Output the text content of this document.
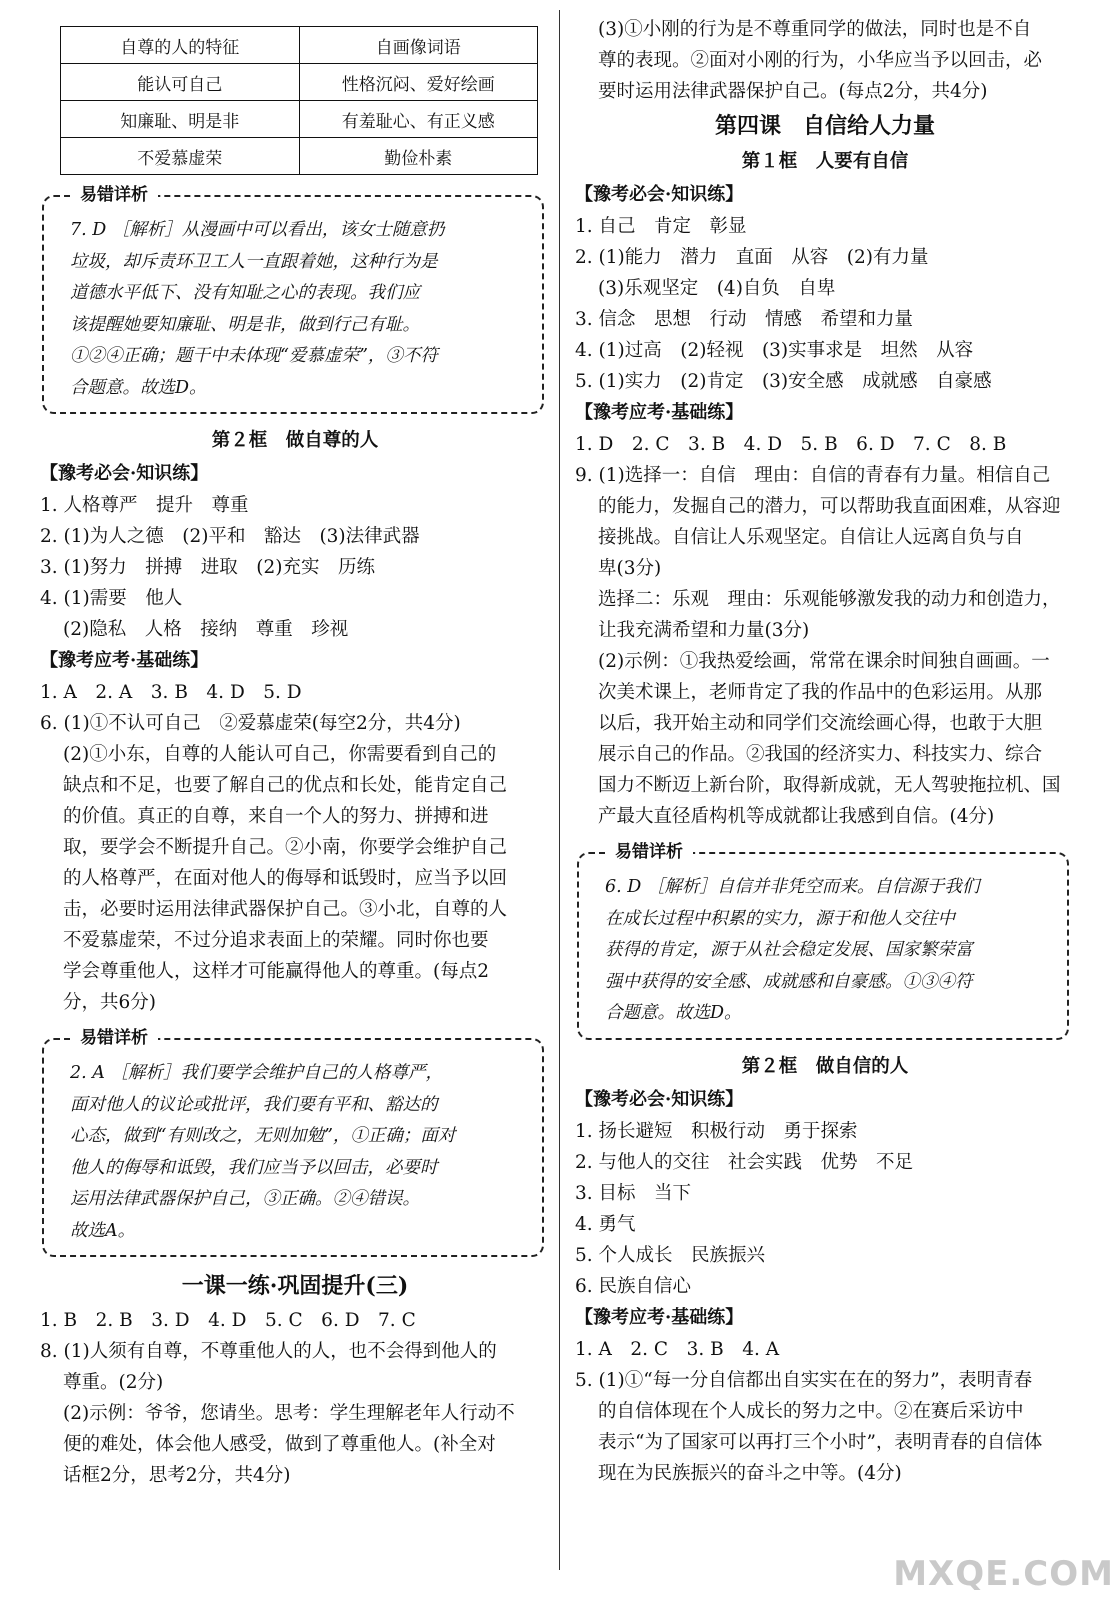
自尊的人的特征	自画像词语
能认可自己	性格沉闷、爱好绘画
知廉耻、明是非	有羞耻心、有正义感
不爱慕虚荣	勤俭朴素
易错详析
7. D ［解析］从漫画中可以看出，该女士随意扔
垃圾，却斥责环卫工人一直跟着她，这种行为是
道德水平低下、没有知耻之心的表现。我们应
该提醒她要知廉耻、明是非，做到行己有耻。
①②④正确；题干中未体现“爱慕虚荣”，③不符
合题意。故选D。
第２框　做自尊的人
【豫考必会·知识练】
1. 人格尊严　提升　尊重
2. (1)为人之德　(2)平和　豁达　(3)法律武器
3. (1)努力　拼搏　进取　(2)充实　历练
4. (1)需要　他人
(2)隐私　人格　接纳　尊重　珍视
【豫考应考·基础练】
1. A　2. A　3. B　4. D　5. D
6. (1)①不认可自己　②爱慕虚荣(每空2分，共4分)
(2)①小东，自尊的人能认可自己，你需要看到自己的
缺点和不足，也要了解自己的优点和长处，能肯定自己
的价值。真正的自尊，来自一个人的努力、拼搏和进
取，要学会不断提升自己。②小南，你要学会维护自己
的人格尊严，在面对他人的侮辱和诋毁时，应当予以回
击，必要时运用法律武器保护自己。③小北，自尊的人
不爱慕虚荣，不过分追求表面上的荣耀。同时你也要
学会尊重他人，这样才可能赢得他人的尊重。(每点2
分，共6分)
易错详析
2. A ［解析］我们要学会维护自己的人格尊严，
面对他人的议论或批评，我们要有平和、豁达的
心态，做到“有则改之，无则加勉”，①正确；面对
他人的侮辱和诋毁，我们应当予以回击，必要时
运用法律武器保护自己，③正确。②④错误。
故选A。
一课一练·巩固提升(三)
1. B　2. B　3. D　4. D　5. C　6. D　7. C
8. (1)人须有自尊，不尊重他人的人，也不会得到他人的
尊重。(2分)
(2)示例：爷爷，您请坐。思考：学生理解老年人行动不
便的难处，体会他人感受，做到了尊重他人。(补全对
话框2分，思考2分，共4分)
(3)①小刚的行为是不尊重同学的做法，同时也是不自
尊的表现。②面对小刚的行为，小华应当予以回击，必
要时运用法律武器保护自己。(每点2分，共4分)
第四课　自信给人力量
第１框　人要有自信
【豫考必会·知识练】
1. 自己　肯定　彰显
2. (1)能力　潜力　直面　从容　(2)有力量
(3)乐观坚定　(4)自负　自卑
3. 信念　思想　行动　情感　希望和力量
4. (1)过高　(2)轻视　(3)实事求是　坦然　从容
5. (1)实力　(2)肯定　(3)安全感　成就感　自豪感
【豫考应考·基础练】
1. D　2. C　3. B　4. D　5. B　6. D　7. C　8. B
9. (1)选择一：自信　理由：自信的青春有力量。相信自己
的能力，发掘自己的潜力，可以帮助我直面困难，从容迎
接挑战。自信让人乐观坚定。自信让人远离自负与自
卑(3分)
选择二：乐观　理由：乐观能够激发我的动力和创造力，
让我充满希望和力量(3分)
(2)示例：①我热爱绘画，常常在课余时间独自画画。一
次美术课上，老师肯定了我的作品中的色彩运用。从那
以后，我开始主动和同学们交流绘画心得，也敢于大胆
展示自己的作品。②我国的经济实力、科技实力、综合
国力不断迈上新台阶，取得新成就，无人驾驶拖拉机、国
产最大直径盾构机等成就都让我感到自信。(4分)
易错详析
6. D ［解析］自信并非凭空而来。自信源于我们
在成长过程中积累的实力，源于和他人交往中
获得的肯定，源于从社会稳定发展、国家繁荣富
强中获得的安全感、成就感和自豪感。①③④符
合题意。故选D。
第２框　做自信的人
【豫考必会·知识练】
1. 扬长避短　积极行动　勇于探索
2. 与他人的交往　社会实践　优势　不足
3. 目标　当下
4. 勇气
5. 个人成长　民族振兴
6. 民族自信心
【豫考应考·基础练】
1. A　2. C　3. B　4. A
5. (1)①“每一分自信都出自实实在在的努力”，表明青春
的自信体现在个人成长的努力之中。②在赛后采访中
表示“为了国家可以再打三个小时”，表明青春的自信体
现在为民族振兴的奋斗之中等。(4分)
MXQE.COM
